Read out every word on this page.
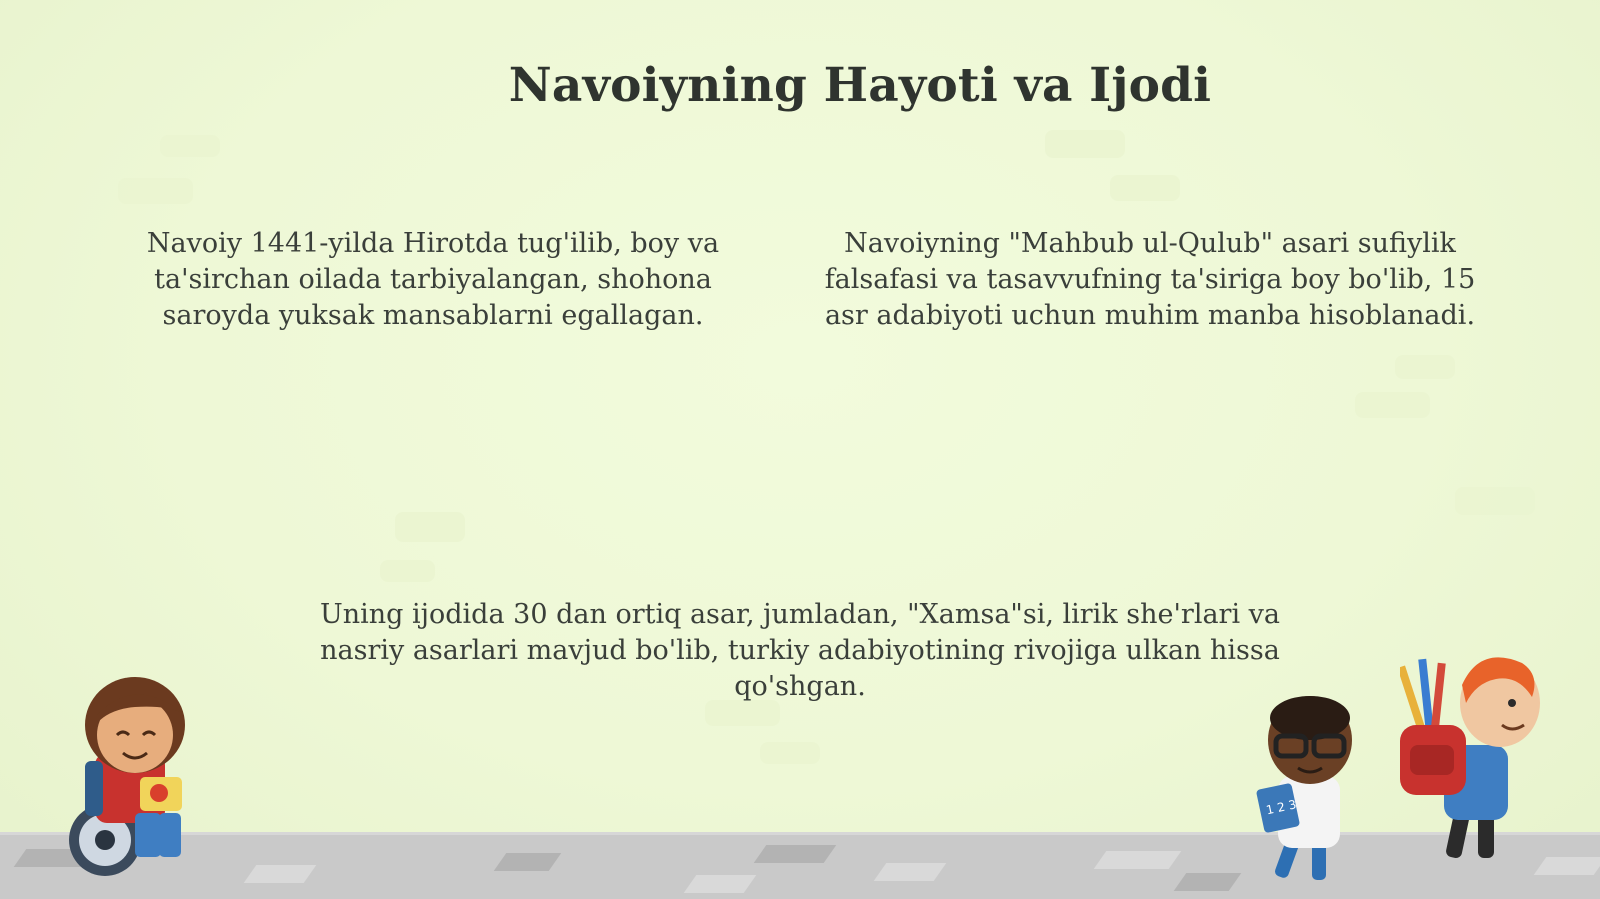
Navoiyning Hayoti va Ijodi
Navoiy 1441-yilda Hirotda tug'ilib, boy va
ta'sirchan oilada tarbiyalangan, shohona
saroyda yuksak mansablarni egallagan.
Navoiyning "Mahbub ul-Qulub" asari sufiylik
falsafasi va tasavvufning ta'siriga boy bo'lib, 15
asr adabiyoti uchun muhim manba hisoblanadi.
Uning ijodida 30 dan ortiq asar, jumladan, "Xamsa"si, lirik she'rlari va
nasriy asarlari mavjud bo'lib, turkiy adabiyotining rivojiga ulkan hissa
qo'shgan.
1 2 3
